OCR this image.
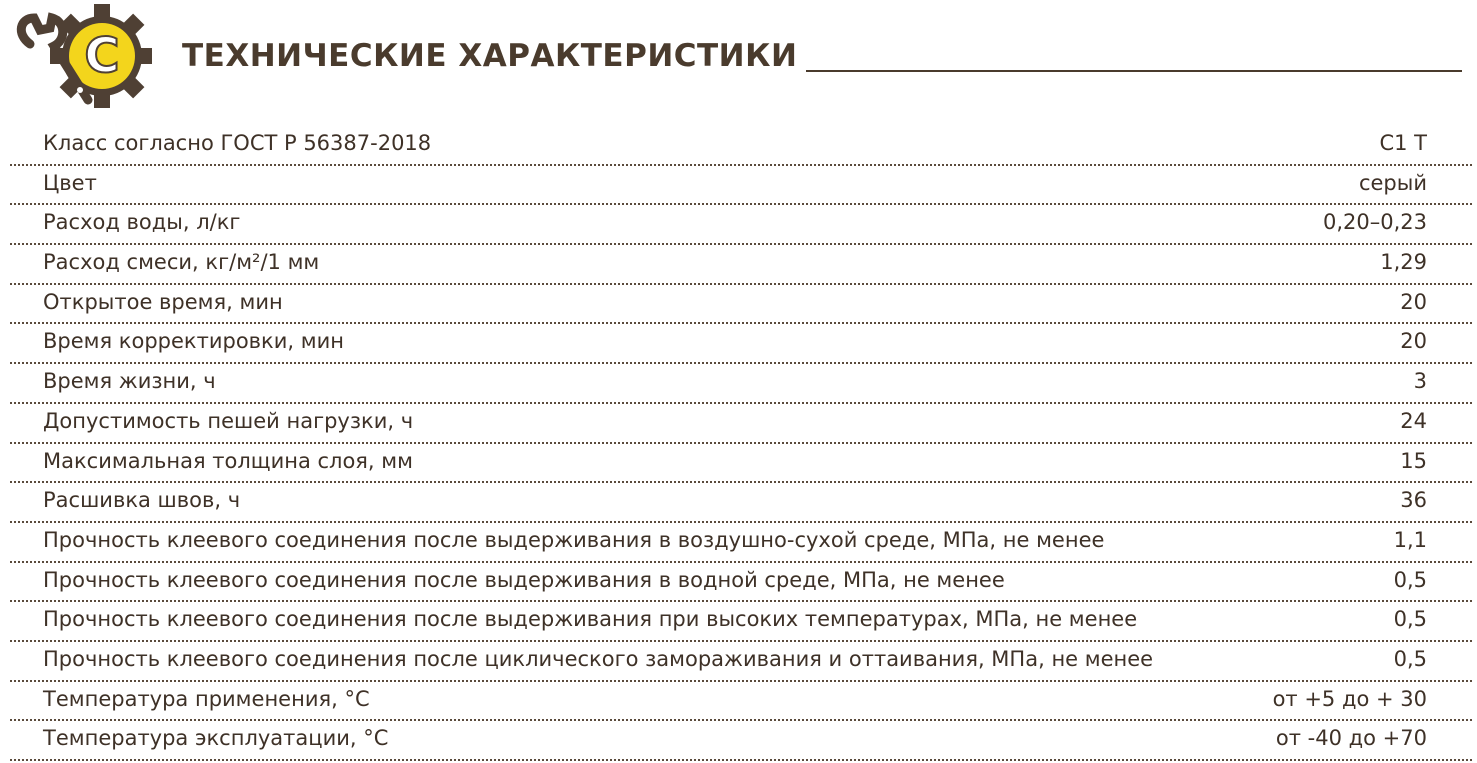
С ТЕХНИЧЕСКИЕ ХАРАКТЕРИСТИКИ
Класс согласно ГОСТ Р 56387-2018	C1 T
Цвет	серый
Расход воды, л/кг	0,20–0,23
Расход смеси, кг/м²/1 мм	1,29
Открытое время, мин	20
Время корректировки, мин	20
Время жизни, ч	3
Допустимость пешей нагрузки, ч	24
Максимальная толщина слоя, мм	15
Расшивка швов, ч	36
Прочность клеевого соединения после выдерживания в воздушно-сухой среде, МПа, не менее	1,1
Прочность клеевого соединения после выдерживания в водной среде, МПа, не менее	0,5
Прочность клеевого соединения после выдерживания при высоких температурах, МПа, не менее	0,5
Прочность клеевого соединения после циклического замораживания и оттаивания, МПа, не менее	0,5
Температура применения, °С	от +5 до + 30
Температура эксплуатации, °С	от -40 до +70
